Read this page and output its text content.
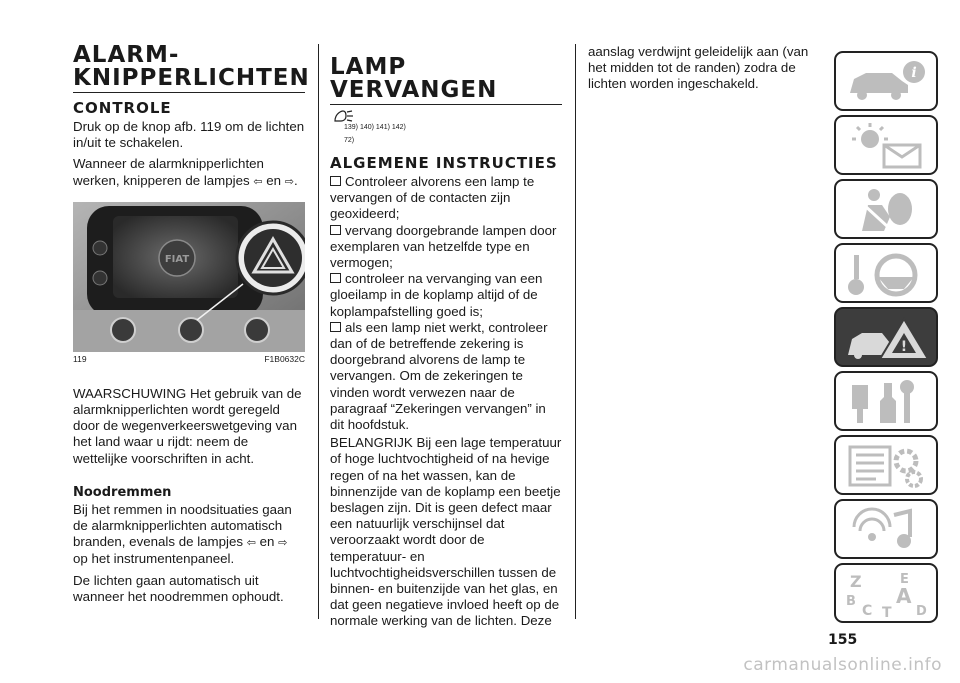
ALARM-
KNIPPERLICHTEN
CONTROLE

Druk op de knop afb. 119 om de lichten in/uit te schakelen.

Wanneer de alarmknipperlichten werken, knipperen de lampjes ⇦ en ⇨.

FIAT
119	F1B0632C

WAARSCHUWING Het gebruik van de alarmknipperlichten wordt geregeld door de wegenverkeerswetgeving van het land waar u rijdt: neem de wettelijke voorschriften in acht.

Noodremmen

Bij het remmen in noodsituaties gaan de alarmknipperlichten automatisch branden, evenals de lampjes ⇦ en ⇨
op het instrumentenpaneel.

De lichten gaan automatisch uit wanneer het noodremmen ophoudt.

LAMP VERVANGEN
139) 140) 141) 142)
72)
ALGEMENE INSTRUCTIES
Controleer alvorens een lamp te vervangen of de contacten zijn geoxideerd;
vervang doorgebrande lampen door exemplaren van hetzelfde type en vermogen;
controleer na vervanging van een gloeilamp in de koplamp altijd of de koplampafstelling goed is;
als een lamp niet werkt, controleer dan of de betreffende zekering is doorgebrand alvorens de lamp te vervangen. Om de zekeringen te vinden wordt verwezen naar de paragraaf “Zekeringen vervangen” in dit hoofdstuk.

BELANGRIJK Bij een lage temperatuur of hoge luchtvochtigheid of na hevige regen of na het wassen, kan de binnenzijde van de koplamp een beetje beslagen zijn. Dit is geen defect maar een natuurlijk verschijnsel dat veroorzaakt wordt door de temperatuur- en luchtvochtigheidsverschillen tussen de binnen- en buitenzijde van het glas, en dat geen negatieve invloed heeft op de normale werking van de lichten. Deze

aanslag verdwijnt geleidelijk aan (van het midden tot de randen) zodra de lichten worden ingeschakeld.

i
!
Z	E
B A
C	D
T
155
carmanualsonline.info
